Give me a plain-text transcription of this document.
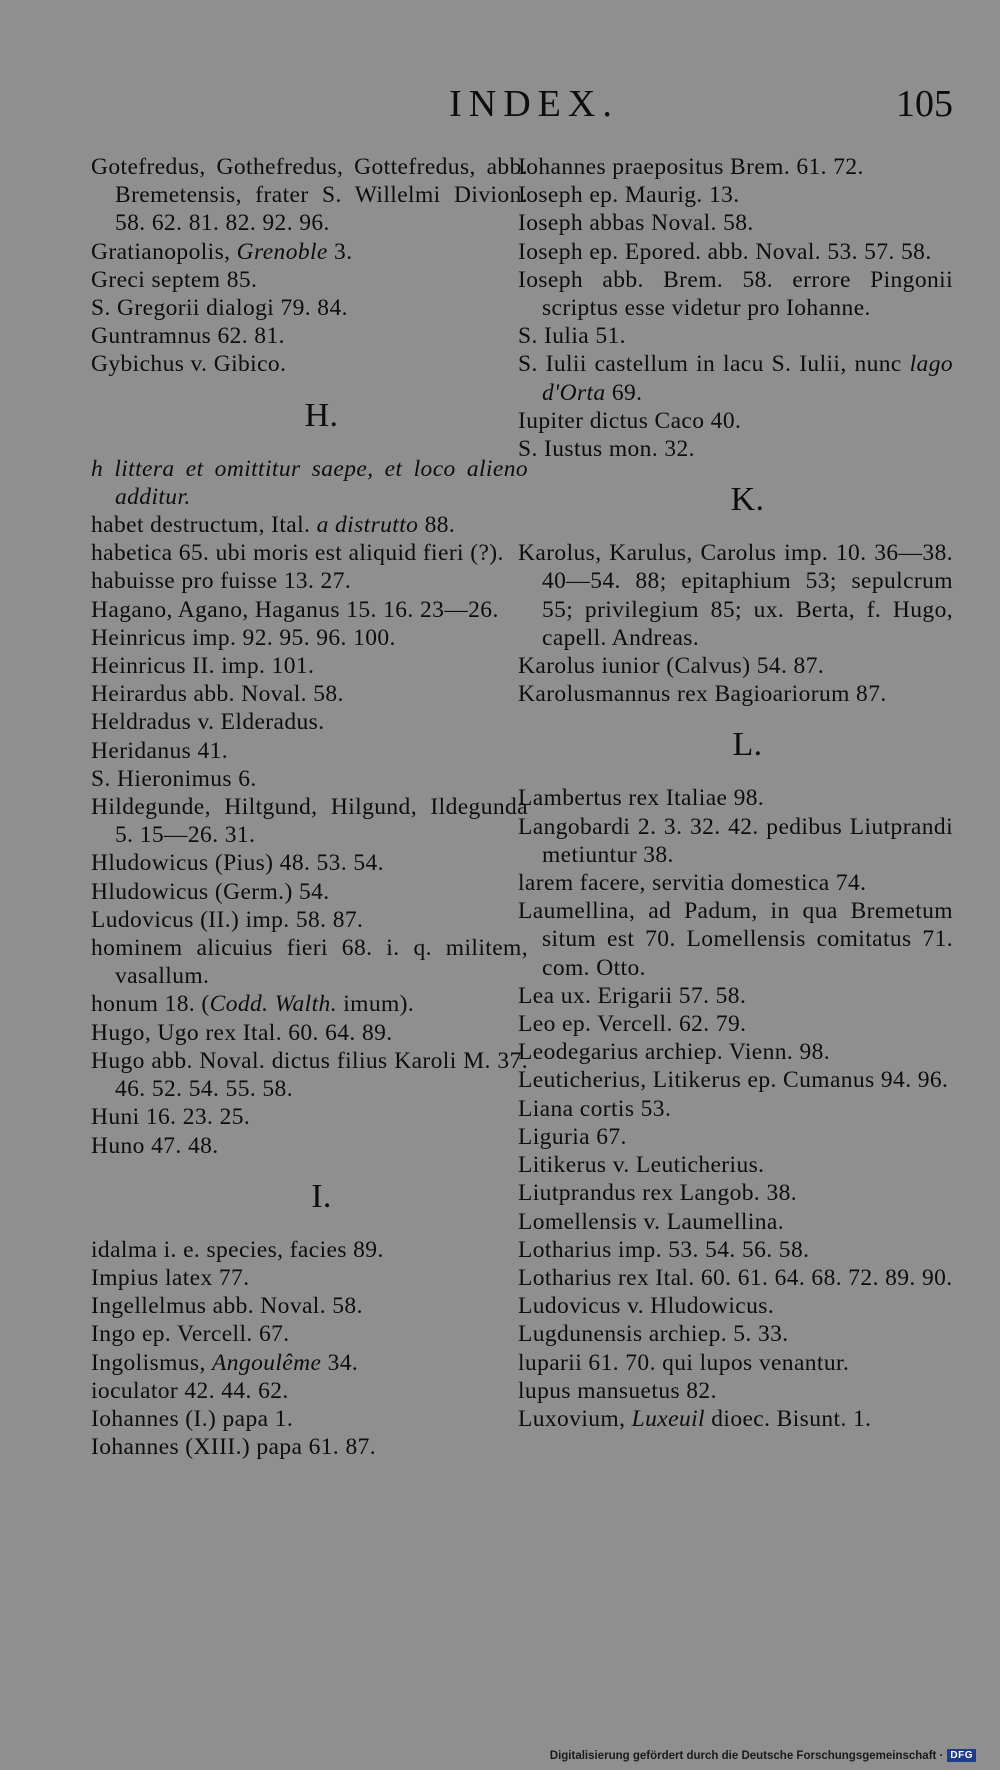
INDEX.	105
Gotefredus, Gothefredus, Gottefredus, abb. Bremetensis, frater S. Willelmi Divion. 58. 62. 81. 82. 92. 96.
Gratianopolis, Grenoble 3.
Greci septem 85.
S. Gregorii dialogi 79. 84.
Guntramnus 62. 81.
Gybichus v. Gibico.
H.
h littera et omittitur saepe, et loco alieno additur.
habet destructum, Ital. a distrutto 88.
habetica 65. ubi moris est aliquid fieri (?).
habuisse pro fuisse 13. 27.
Hagano, Agano, Haganus 15. 16. 23—26.
Heinricus imp. 92. 95. 96. 100.
Heinricus II. imp. 101.
Heirardus abb. Noval. 58.
Heldradus v. Elderadus.
Heridanus 41.
S. Hieronimus 6.
Hildegunde, Hiltgund, Hilgund, Ildegunda 5. 15—26. 31.
Hludowicus (Pius) 48. 53. 54.
Hludowicus (Germ.) 54.
Ludovicus (II.) imp. 58. 87.
hominem alicuius fieri 68. i. q. militem, vasallum.
honum 18. (Codd. Walth. imum).
Hugo, Ugo rex Ital. 60. 64. 89.
Hugo abb. Noval. dictus filius Karoli M. 37. 46. 52. 54. 55. 58.
Huni 16. 23. 25.
Huno 47. 48.
I.
idalma i. e. species, facies 89.
Impius latex 77.
Ingellelmus abb. Noval. 58.
Ingo ep. Vercell. 67.
Ingolismus, Angoulême 34.
ioculator 42. 44. 62.
Iohannes (I.) papa 1.
Iohannes (XIII.) papa 61. 87.
Iohannes praepositus Brem. 61. 72.
Ioseph ep. Maurig. 13.
Ioseph abbas Noval. 58.
Ioseph ep. Epored. abb. Noval. 53. 57. 58.
Ioseph abb. Brem. 58. errore Pingonii scriptus esse videtur pro Iohanne.
S. Iulia 51.
S. Iulii castellum in lacu S. Iulii, nunc lago d'Orta 69.
Iupiter dictus Caco 40.
S. Iustus mon. 32.
K.
Karolus, Karulus, Carolus imp. 10. 36—38. 40—54. 88; epitaphium 53; sepulcrum 55; privilegium 85; ux. Berta, f. Hugo, capell. Andreas.
Karolus iunior (Calvus) 54. 87.
Karolusmannus rex Bagioariorum 87.
L.
Lambertus rex Italiae 98.
Langobardi 2. 3. 32. 42. pedibus Liutprandi metiuntur 38.
larem facere, servitia domestica 74.
Laumellina, ad Padum, in qua Bremetum situm est 70. Lomellensis comitatus 71. com. Otto.
Lea ux. Erigarii 57. 58.
Leo ep. Vercell. 62. 79.
Leodegarius archiep. Vienn. 98.
Leuticherius, Litikerus ep. Cumanus 94. 96.
Liana cortis 53.
Liguria 67.
Litikerus v. Leuticherius.
Liutprandus rex Langob. 38.
Lomellensis v. Laumellina.
Lotharius imp. 53. 54. 56. 58.
Lotharius rex Ital. 60. 61. 64. 68. 72. 89. 90.
Ludovicus v. Hludowicus.
Lugdunensis archiep. 5. 33.
luparii 61. 70. qui lupos venantur.
lupus mansuetus 82.
Luxovium, Luxeuil dioec. Bisunt. 1.
Digitalisierung gefördert durch die Deutsche Forschungsgemeinschaft · DFG
